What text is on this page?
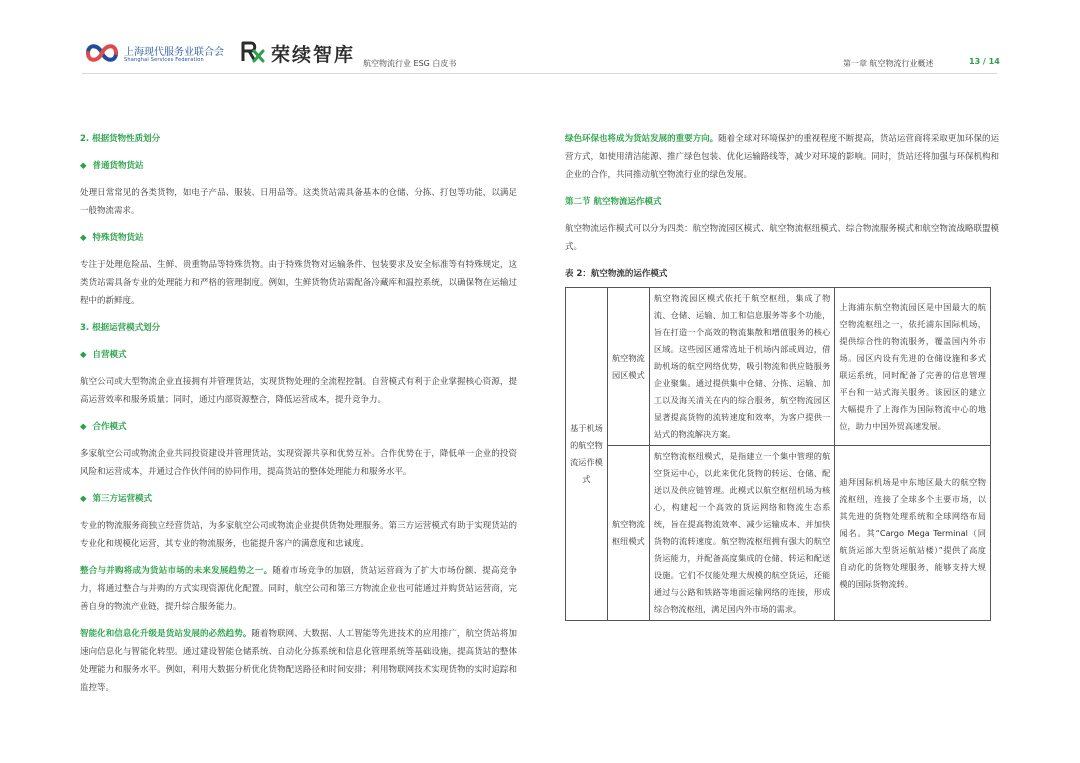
上海现代服务业联合会
Shanghai Services Federation	荣续智库 航空物流行业 ESG 白皮书	第一章 航空物流行业概述	13 / 14

2. 根据货物性质划分

◆ 普通货物货站

处理日常常见的各类货物，如电子产品、服装、日用品等。这类货站需具备基本的仓储、分拣、打包等功能，以满足一般物流需求。

◆ 特殊货物货站

专注于处理危险品、生鲜、贵重物品等特殊货物。由于特殊货物对运输条件、包装要求及安全标准等有特殊规定，这类货站需具备专业的处理能力和严格的管理制度。例如，生鲜货物货站需配备冷藏库和温控系统，以确保物在运输过程中的新鲜度。

3. 根据运营模式划分

◆ 自营模式

航空公司或大型物流企业直接拥有并管理货站，实现货物处理的全流程控制。自营模式有利于企业掌握核心资源，提高运营效率和服务质量；同时，通过内部资源整合，降低运营成本，提升竞争力。

◆ 合作模式

多家航空公司或物流企业共同投资建设并管理货站，实现资源共享和优势互补。合作优势在于，降低单一企业的投资风险和运营成本，并通过合作伙伴间的协同作用，提高货站的整体处理能力和服务水平。

◆ 第三方运营模式

专业的物流服务商独立经营货站，为多家航空公司或物流企业提供货物处理服务。第三方运营模式有助于实现货站的专业化和规模化运营，其专业的物流服务，也能提升客户的满意度和忠诚度。

整合与并购将成为货站市场的未来发展趋势之一。随着市场竞争的加剧，货站运营商为了扩大市场份额、提高竞争力，将通过整合与并购的方式实现资源优化配置。同时，航空公司和第三方物流企业也可能通过并购货站运营商，完善自身的物流产业链，提升综合服务能力。

智能化和信息化升级是货站发展的必然趋势。随着物联网、大数据、人工智能等先进技术的应用推广，航空货站将加速向信息化与智能化转型。通过建设智能仓储系统、自动化分拣系统和信息化管理系统等基础设施，提高货站的整体处理能力和服务水平。例如，利用大数据分析优化货物配送路径和时间安排；利用物联网技术实现货物的实时追踪和监控等。

绿色环保也将成为货站发展的重要方向。随着全球对环境保护的重视程度不断提高，货站运营商将采取更加环保的运营方式，如使用清洁能源、推广绿色包装、优化运输路线等，减少对环境的影响。同时，货站还将加强与环保机构和企业的合作，共同推动航空物流行业的绿色发展。

第二节 航空物流运作模式

航空物流运作模式可以分为四类：航空物流园区模式、航空物流枢纽模式、综合物流服务模式和航空物流战略联盟模式。

表 2：航空物流的运作模式

基于机场的航空物流运作模式	航空物流园区模式	航空物流园区模式依托于航空枢纽，集成了物流、仓储、运输、加工和信息服务等多个功能，旨在打造一个高效的物流集散和增值服务的核心区域。这些园区通常选址于机场内部或周边，借助机场的航空网络优势，吸引物流和供应链服务企业聚集。通过提供集中仓储、分拣、运输、加工以及海关清关在内的综合服务，航空物流园区显著提高货物的流转速度和效率，为客户提供一站式的物流解决方案。	上海浦东航空物流园区是中国最大的航空物流枢纽之一，依托浦东国际机场，提供综合性的物流服务，覆盖国内外市场。园区内设有先进的仓储设施和多式联运系统，同时配备了完善的信息管理平台和一站式海关服务。该园区的建立大幅提升了上海作为国际物流中心的地位，助力中国外贸高速发展。
	航空物流枢纽模式	航空物流枢纽模式，是指建立一个集中管理的航空货运中心，以此来优化货物的转运、仓储、配送以及供应链管理。此模式以航空枢纽机场为核心，构建起一个高效的货运网络和物流生态系统，旨在提高物流效率、减少运输成本、并加快货物的流转速度。航空物流枢纽拥有强大的航空货运能力，并配备高度集成的仓储、转运和配送设施。它们不仅能处理大规模的航空货运，还能通过与公路和铁路等地面运输网络的连接，形成综合物流枢纽，满足国内外市场的需求。	迪拜国际机场是中东地区最大的航空物流枢纽，连接了全球多个主要市场，以其先进的货物处理系统和全球网络布局闻名。其“Cargo Mega Terminal（同航货运部大型货运航站楼）”提供了高度自动化的货物处理服务，能够支持大规模的国际货物流转。
